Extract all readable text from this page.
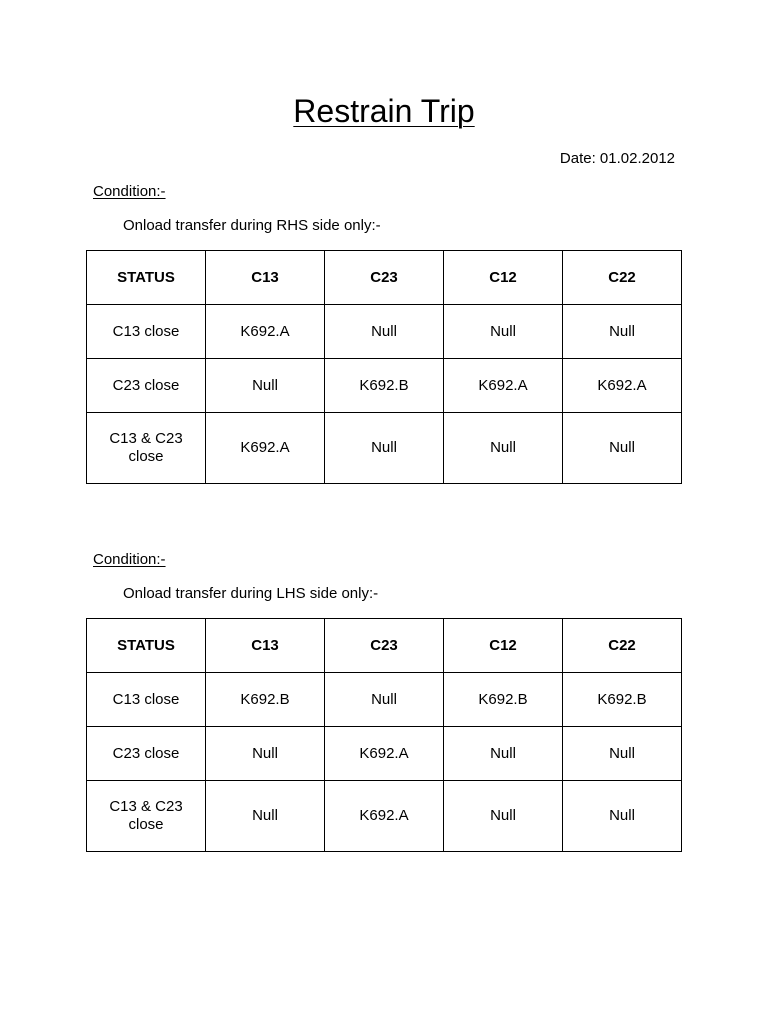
Restrain Trip
Date: 01.02.2012
Condition:-
Onload transfer during RHS side only:-
STATUS	C13	C23	C12	C22
C13 close	K692.A	Null	Null	Null
C23 close	Null	K692.B	K692.A	K692.A
C13 & C23 close	K692.A	Null	Null	Null
Condition:-
Onload transfer during LHS side only:-
STATUS	C13	C23	C12	C22
C13 close	K692.B	Null	K692.B	K692.B
C23 close	Null	K692.A	Null	Null
C13 & C23 close	Null	K692.A	Null	Null
